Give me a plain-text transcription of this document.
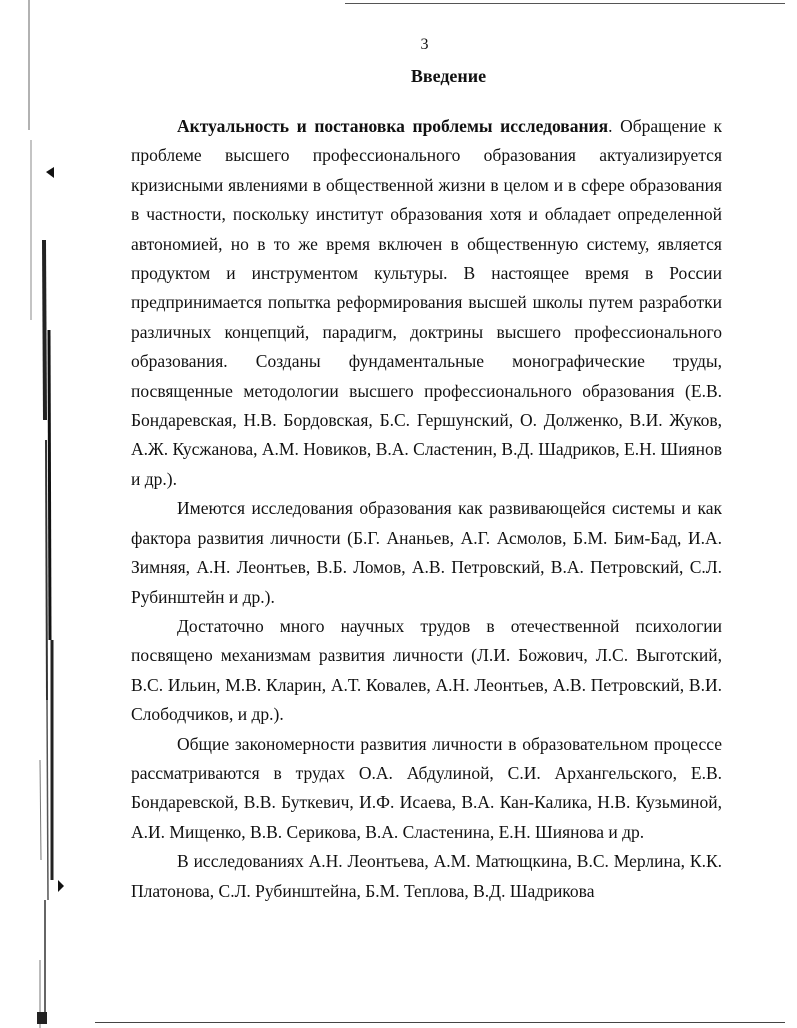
3
Введение

Актуальность и постановка проблемы исследования. Обращение к проблеме высшего профессионального образования актуализируется кризисными явлениями в общественной жизни в целом и в сфере образования в частности, поскольку институт образования хотя и обладает определенной автономией, но в то же время включен в общественную систему, является продуктом и инструментом культуры. В настоящее время в России предпринимается попытка реформирования высшей школы путем разработки различных концепций, парадигм, доктрины высшего профессионального образования. Созданы фундаментальные монографические труды, посвященные методологии высшего профессионального образования (Е.В. Бондаревская, Н.В. Бордовская, Б.С. Гершунский, О. Долженко, В.И. Жуков, А.Ж. Кусжанова, А.М. Новиков, В.А. Сластенин, В.Д. Шадриков, Е.Н. Шиянов и др.).

Имеются исследования образования как развивающейся системы и как фактора развития личности (Б.Г. Ананьев, А.Г. Асмолов, Б.М. Бим-Бад, И.А. Зимняя, А.Н. Леонтьев, В.Б. Ломов, А.В. Петровский, В.А. Петровский, С.Л. Рубинштейн и др.).

Достаточно много научных трудов в отечественной психологии посвящено механизмам развития личности (Л.И. Божович, Л.С. Выготский, В.С. Ильин, М.В. Кларин, А.Т. Ковалев, А.Н. Леонтьев, А.В. Петровский, В.И. Слободчиков, и др.).

Общие закономерности развития личности в образовательном процессе рассматриваются в трудах О.А. Абдулиной, С.И. Архангельского, Е.В. Бондаревской, В.В. Буткевич, И.Ф. Исаева, В.А. Кан-Калика, Н.В. Кузьминой, А.И. Мищенко, В.В. Серикова, В.А. Сластенина, Е.Н. Шиянова и др.

В исследованиях А.Н. Леонтьева, А.М. Матющкина, В.С. Мерлина, К.К. Платонова, С.Л. Рубинштейна, Б.М. Теплова, В.Д. Шадрикова
